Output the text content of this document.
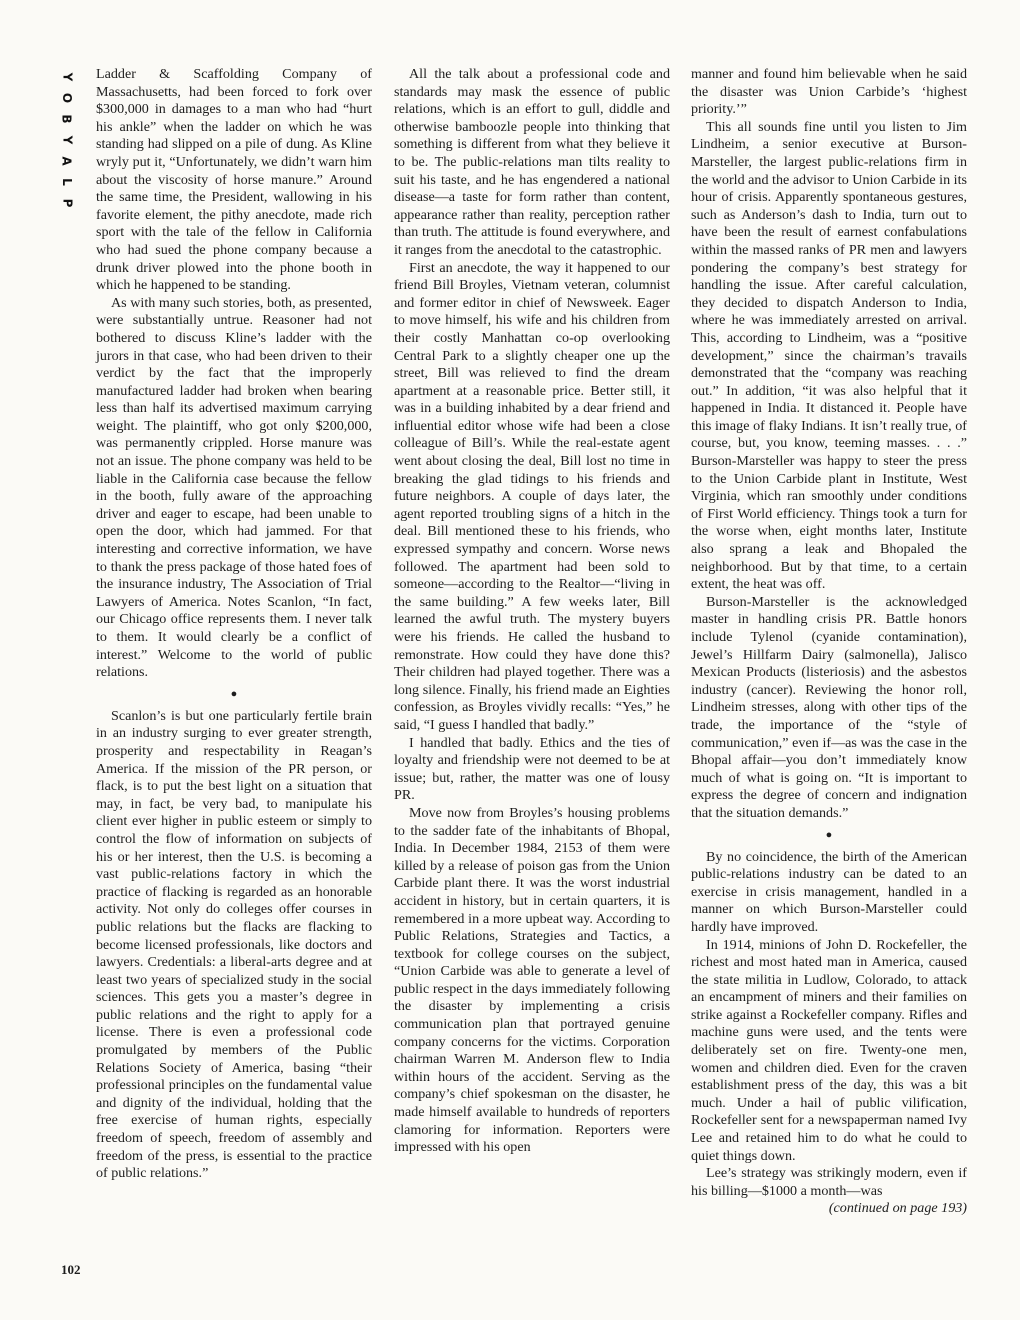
Y
O
B
Y
A
L
P
102

Ladder & Scaffolding Company of Massachusetts, had been forced to fork over $300,000 in damages to a man who had “hurt his ankle” when the ladder on which he was standing had slipped on a pile of dung. As Kline wryly put it, “Unfortunately, we didn’t warn him about the viscosity of horse manure.” Around the same time, the President, wallowing in his favorite element, the pithy anecdote, made rich sport with the tale of the fellow in California who had sued the phone company because a drunk driver plowed into the phone booth in which he happened to be standing.

As with many such stories, both, as presented, were substantially untrue. Reasoner had not bothered to discuss Kline’s ladder with the jurors in that case, who had been driven to their verdict by the fact that the improperly manufactured ladder had broken when bearing less than half its advertised maximum carrying weight. The plaintiff, who got only $200,000, was permanently crippled. Horse manure was not an issue. The phone company was held to be liable in the California case because the fellow in the booth, fully aware of the approaching driver and eager to escape, had been unable to open the door, which had jammed. For that interesting and corrective information, we have to thank the press package of those hated foes of the insurance industry, The Association of Trial Lawyers of America. Notes Scanlon, “In fact, our Chicago office represents them. I never talk to them. It would clearly be a conflict of interest.” Welcome to the world of public relations.

●

Scanlon’s is but one particularly fertile brain in an industry surging to ever greater strength, prosperity and respectability in Reagan’s America. If the mission of the PR person, or flack, is to put the best light on a situation that may, in fact, be very bad, to manipulate his client ever higher in public esteem or simply to control the flow of information on subjects of his or her interest, then the U.S. is becoming a vast public-relations factory in which the practice of flacking is regarded as an honorable activity. Not only do colleges offer courses in public relations but the flacks are flacking to become licensed professionals, like doctors and lawyers. Credentials: a liberal-arts degree and at least two years of specialized study in the social sciences. This gets you a master’s degree in public relations and the right to apply for a license. There is even a professional code promulgated by members of the Public Relations Society of America, basing “their professional principles on the fundamental value and dignity of the individual, holding that the free exercise of human rights, especially freedom of speech, freedom of assembly and freedom of the press, is essential to the practice of public relations.”

All the talk about a professional code and standards may mask the essence of public relations, which is an effort to gull, diddle and otherwise bamboozle people into thinking that something is different from what they believe it to be. The public-relations man tilts reality to suit his taste, and he has engendered a national disease—a taste for form rather than content, appearance rather than reality, perception rather than truth. The attitude is found everywhere, and it ranges from the anecdotal to the catastrophic.

First an anecdote, the way it happened to our friend Bill Broyles, Vietnam veteran, columnist and former editor in chief of Newsweek. Eager to move himself, his wife and his children from their costly Manhattan co-op overlooking Central Park to a slightly cheaper one up the street, Bill was relieved to find the dream apartment at a reasonable price. Better still, it was in a building inhabited by a dear friend and influential editor whose wife had been a close colleague of Bill’s. While the real-estate agent went about closing the deal, Bill lost no time in breaking the glad tidings to his friends and future neighbors. A couple of days later, the agent reported troubling signs of a hitch in the deal. Bill mentioned these to his friends, who expressed sympathy and concern. Worse news followed. The apartment had been sold to someone—according to the Realtor—“living in the same building.” A few weeks later, Bill learned the awful truth. The mystery buyers were his friends. He called the husband to remonstrate. How could they have done this? Their children had played together. There was a long silence. Finally, his friend made an Eighties confession, as Broyles vividly recalls: “Yes,” he said, “I guess I handled that badly.”

I handled that badly. Ethics and the ties of loyalty and friendship were not deemed to be at issue; but, rather, the matter was one of lousy PR.

Move now from Broyles’s housing problems to the sadder fate of the inhabitants of Bhopal, India. In December 1984, 2153 of them were killed by a release of poison gas from the Union Carbide plant there. It was the worst industrial accident in history, but in certain quarters, it is remembered in a more upbeat way. According to Public Relations, Strategies and Tactics, a textbook for college courses on the subject, “Union Carbide was able to generate a level of public respect in the days immediately following the disaster by implementing a crisis communication plan that portrayed genuine company concerns for the victims. Corporation chairman Warren M. Anderson flew to India within hours of the accident. Serving as the company’s chief spokesman on the disaster, he made himself available to hundreds of reporters clamoring for information. Reporters were impressed with his open

manner and found him believable when he said the disaster was Union Carbide’s ‘highest priority.’”

This all sounds fine until you listen to Jim Lindheim, a senior executive at Burson-Marsteller, the largest public-relations firm in the world and the advisor to Union Carbide in its hour of crisis. Apparently spontaneous gestures, such as Anderson’s dash to India, turn out to have been the result of earnest confabulations within the massed ranks of PR men and lawyers pondering the company’s best strategy for handling the issue. After careful calculation, they decided to dispatch Anderson to India, where he was immediately arrested on arrival. This, according to Lindheim, was a “positive development,” since the chairman’s travails demonstrated that the “company was reaching out.” In addition, “it was also helpful that it happened in India. It distanced it. People have this image of flaky Indians. It isn’t really true, of course, but, you know, teeming masses. . . .” Burson-Marsteller was happy to steer the press to the Union Carbide plant in Institute, West Virginia, which ran smoothly under conditions of First World efficiency. Things took a turn for the worse when, eight months later, Institute also sprang a leak and Bhopaled the neighborhood. But by that time, to a certain extent, the heat was off.

Burson-Marsteller is the acknowledged master in handling crisis PR. Battle honors include Tylenol (cyanide contamination), Jewel’s Hillfarm Dairy (salmonella), Jalisco Mexican Products (listeriosis) and the asbestos industry (cancer). Reviewing the honor roll, Lindheim stresses, along with other tips of the trade, the importance of the “style of communication,” even if—as was the case in the Bhopal affair—you don’t immediately know much of what is going on. “It is important to express the degree of concern and indignation that the situation demands.”

●

By no coincidence, the birth of the American public-relations industry can be dated to an exercise in crisis management, handled in a manner on which Burson-Marsteller could hardly have improved.

In 1914, minions of John D. Rockefeller, the richest and most hated man in America, caused the state militia in Ludlow, Colorado, to attack an encampment of miners and their families on strike against a Rockefeller company. Rifles and machine guns were used, and the tents were deliberately set on fire. Twenty-one men, women and children died. Even for the craven establishment press of the day, this was a bit much. Under a hail of public vilification, Rockefeller sent for a newspaperman named Ivy Lee and retained him to do what he could to quiet things down.

Lee’s strategy was strikingly modern, even if his billing—$1000 a month—was

(continued on page 193)
